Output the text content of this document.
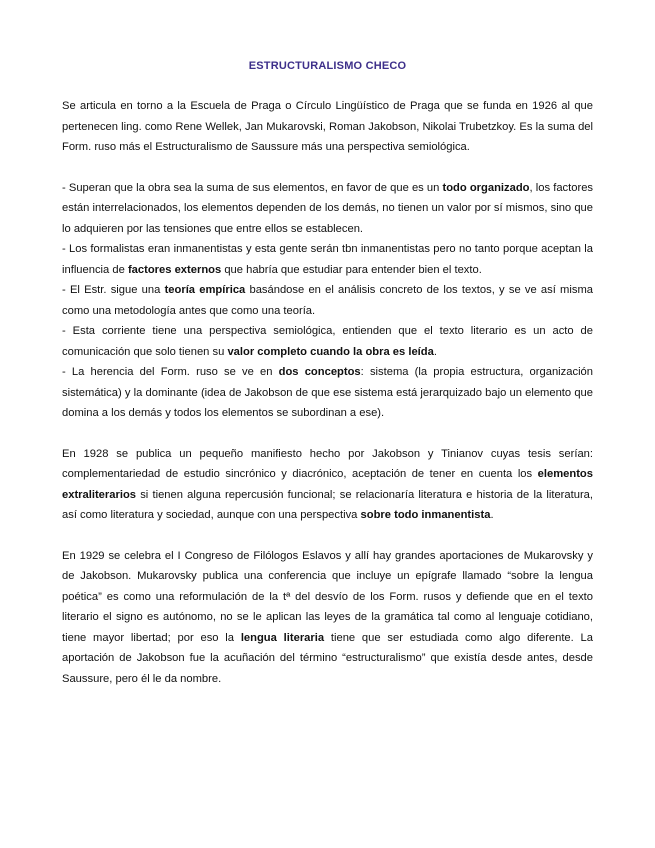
ESTRUCTURALISMO CHECO

Se articula en torno a la Escuela de Praga o Círculo Lingüístico de Praga que se funda en 1926 al que pertenecen ling. como Rene Wellek, Jan Mukarovski, Roman Jakobson, Nikolai Trubetzkoy. Es la suma del Form. ruso más el Estructuralismo de Saussure más una perspectiva semiológica.

- Superan que la obra sea la suma de sus elementos, en favor de que es un todo organizado, los factores están interrelacionados, los elementos dependen de los demás, no tienen un valor por sí mismos, sino que lo adquieren por las tensiones que entre ellos se establecen.

- Los formalistas eran inmanentistas y esta gente serán tbn inmanentistas pero no tanto porque aceptan la influencia de factores externos que habría que estudiar para entender bien el texto.

- El Estr. sigue una teoría empírica basándose en el análisis concreto de los textos, y se ve así misma como una metodología antes que como una teoría.

- Esta corriente tiene una perspectiva semiológica, entienden que el texto literario es un acto de comunicación que solo tienen su valor completo cuando la obra es leída.

- La herencia del Form. ruso se ve en dos conceptos: sistema (la propia estructura, organización sistemática) y la dominante (idea de Jakobson de que ese sistema está jerarquizado bajo un elemento que domina a los demás y todos los elementos se subordinan a ese).

En 1928 se publica un pequeño manifiesto hecho por Jakobson y Tinianov cuyas tesis serían: complementariedad de estudio sincrónico y diacrónico, aceptación de tener en cuenta los elementos extraliterarios si tienen alguna repercusión funcional; se relacionaría literatura e historia de la literatura, así como literatura y sociedad, aunque con una perspectiva sobre todo inmanentista.

En 1929 se celebra el I Congreso de Filólogos Eslavos y allí hay grandes aportaciones de Mukarovsky y de Jakobson. Mukarovsky publica una conferencia que incluye un epígrafe llamado “sobre la lengua poética” es como una reformulación de la tª del desvío de los Form. rusos y defiende que en el texto literario el signo es autónomo, no se le aplican las leyes de la gramática tal como al lenguaje cotidiano, tiene mayor libertad; por eso la lengua literaria tiene que ser estudiada como algo diferente. La aportación de Jakobson fue la acuñación del término “estructuralismo” que existía desde antes, desde Saussure, pero él le da nombre.
